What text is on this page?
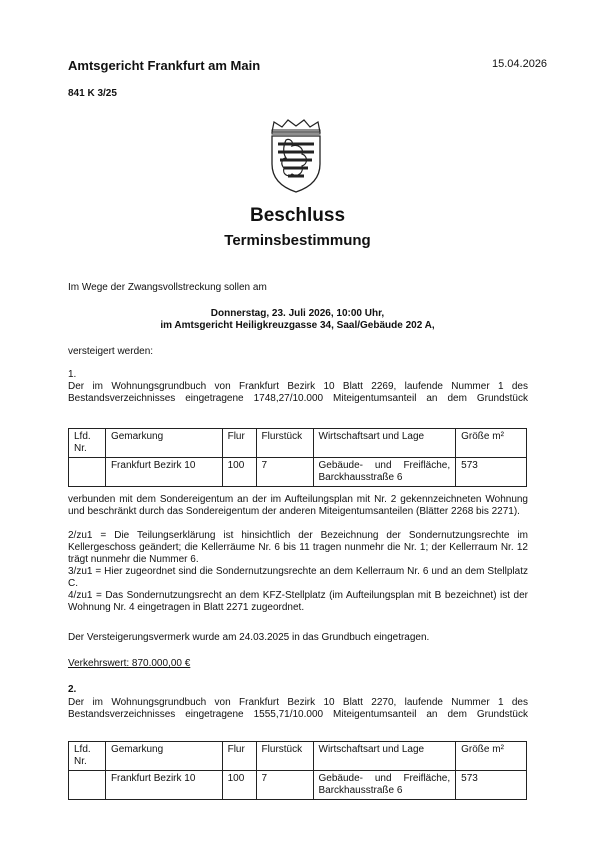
Amtsgericht Frankfurt am Main	15.04.2026
841 K 3/25
Beschluss
Terminsbestimmung
Im Wege der Zwangsvollstreckung sollen am
Donnerstag, 23. Juli 2026, 10:00 Uhr,
im Amtsgericht Heiligkreuzgasse 34, Saal/Gebäude 202 A,
versteigert werden:
1.
Der im Wohnungsgrundbuch von Frankfurt Bezirk 10 Blatt 2269, laufende Nummer 1 des
Bestandsverzeichnisses eingetragene 1748,27/10.000 Miteigentumsanteil an dem Grundstück
Lfd. Nr.	Gemarkung	Flur	Flurstück	Wirtschaftsart und Lage	Größe m²
	Frankfurt Bezirk 10	100	7	Gebäude- und Freifläche, Barckhausstraße 6	573
verbunden mit dem Sondereigentum an der im Aufteilungsplan mit Nr. 2 gekennzeichneten Wohnung und beschränkt durch das Sondereigentum der anderen Miteigentumsanteilen (Blätter 2268 bis 2271).
2/zu1 = Die Teilungserklärung ist hinsichtlich der Bezeichnung der Sondernutzungsrechte im Kellergeschoss geändert; die Kellerräume Nr. 6 bis 11 tragen nunmehr die Nr. 1; der Kellerraum Nr. 12 trägt nunmehr die Nummer 6.
3/zu1 = Hier zugeordnet sind die Sondernutzungsrechte an dem Kellerraum Nr. 6 und an dem Stellplatz C.
4/zu1 = Das Sondernutzungsrecht an dem KFZ-Stellplatz (im Aufteilungsplan mit B bezeichnet) ist der Wohnung Nr. 4 eingetragen in Blatt 2271 zugeordnet.
Der Versteigerungsvermerk wurde am 24.03.2025 in das Grundbuch eingetragen.
Verkehrswert: 870.000,00 €
2.
Der im Wohnungsgrundbuch von Frankfurt Bezirk 10 Blatt 2270, laufende Nummer 1 des
Bestandsverzeichnisses eingetragene 1555,71/10.000 Miteigentumsanteil an dem Grundstück
Lfd. Nr.	Gemarkung	Flur	Flurstück	Wirtschaftsart und Lage	Größe m²
	Frankfurt Bezirk 10	100	7	Gebäude- und Freifläche, Barckhausstraße 6	573
